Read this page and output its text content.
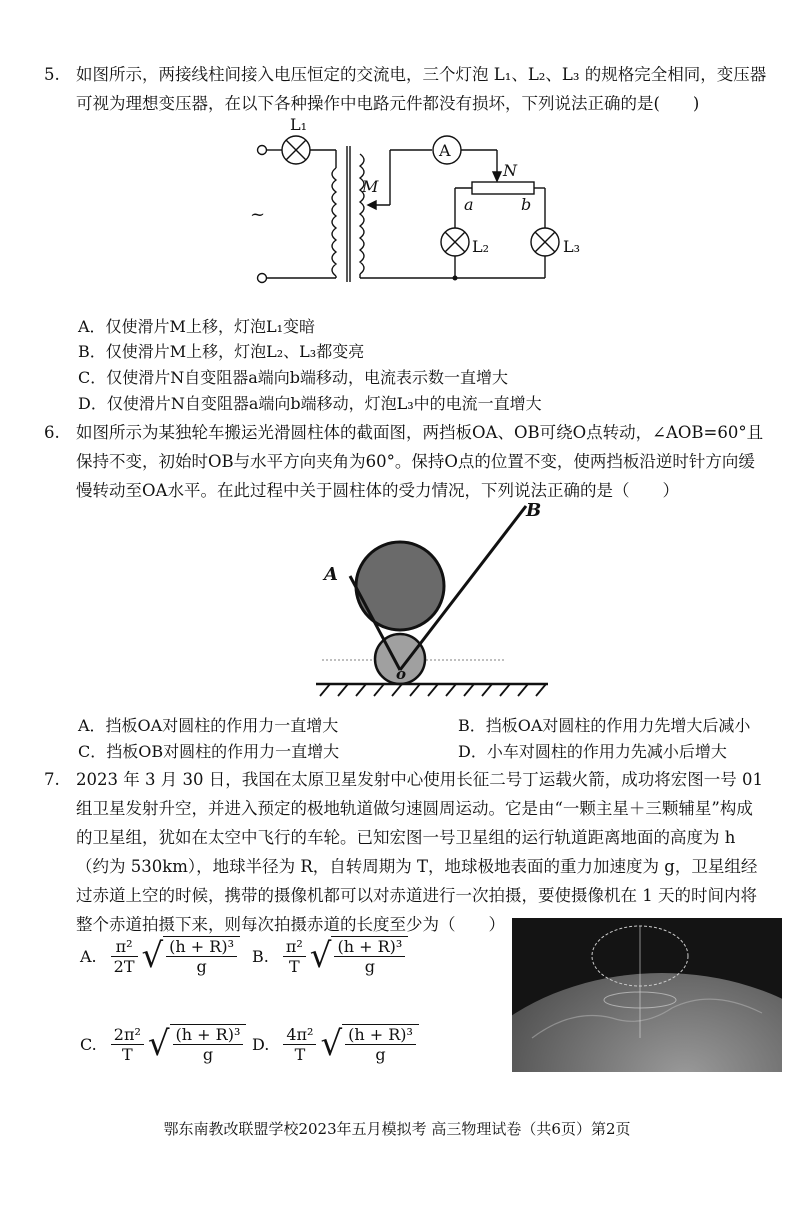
5. 如图所示，两接线柱间接入电压恒定的交流电，三个灯泡 L₁、L₂、L₃ 的规格完全相同，变压器可视为理想变压器，在以下各种操作中电路元件都没有损坏，下列说法正确的是(　　)
L₁
A
M
N
a	b
L₂	L₃
~
A．仅使滑片M上移，灯泡L₁变暗
B．仅使滑片M上移，灯泡L₂、L₃都变亮
C．仅使滑片N自变阻器a端向b端移动，电流表示数一直增大
D．仅使滑片N自变阻器a端向b端移动，灯泡L₃中的电流一直增大
6. 如图所示为某独轮车搬运光滑圆柱体的截面图，两挡板OA、OB可绕O点转动，∠AOB=60°且保持不变，初始时OB与水平方向夹角为60°。保持O点的位置不变，使两挡板沿逆时针方向缓慢转动至OA水平。在此过程中关于圆柱体的受力情况，下列说法正确的是（　　）
A
B
o
A．挡板OA对圆柱的作用力一直增大	B．挡板OA对圆柱的作用力先增大后减小
C．挡板OB对圆柱的作用力一直增大	D．小车对圆柱的作用力先减小后增大
7. 2023 年 3 月 30 日，我国在太原卫星发射中心使用长征二号丁运载火箭，成功将宏图一号 01 组卫星发射升空，并进入预定的极地轨道做匀速圆周运动。它是由“一颗主星＋三颗辅星”构成的卫星组，犹如在太空中飞行的车轮。已知宏图一号卫星组的运行轨道距离地面的高度为 h（约为 530km），地球半径为 R，自转周期为 T，地球极地表面的重力加速度为 g，卫星组经过赤道上空的时候，携带的摄像机都可以对赤道进行一次拍摄，要使摄像机在 1 天的时间内将整个赤道拍摄下来，则每次拍摄赤道的长度至少为（　　）
A. $\frac{\text{π²}}{2T}$ √ $\frac{\text{(h + R)³}}{g} B$. $\frac{\text{π²}}{T}$ √ $\frac{\text{(h + R)³}}{g}$
C. $\frac{\text{2π²}}{T}$ √ $\frac{\text{(h + R)³}}{g} D$. $\frac{\text{4π²}}{T}$ √ $\frac{\text{(h + R)³}}{g}$
鄂东南教改联盟学校2023年五月模拟考 高三物理试卷（共6页）第2页
